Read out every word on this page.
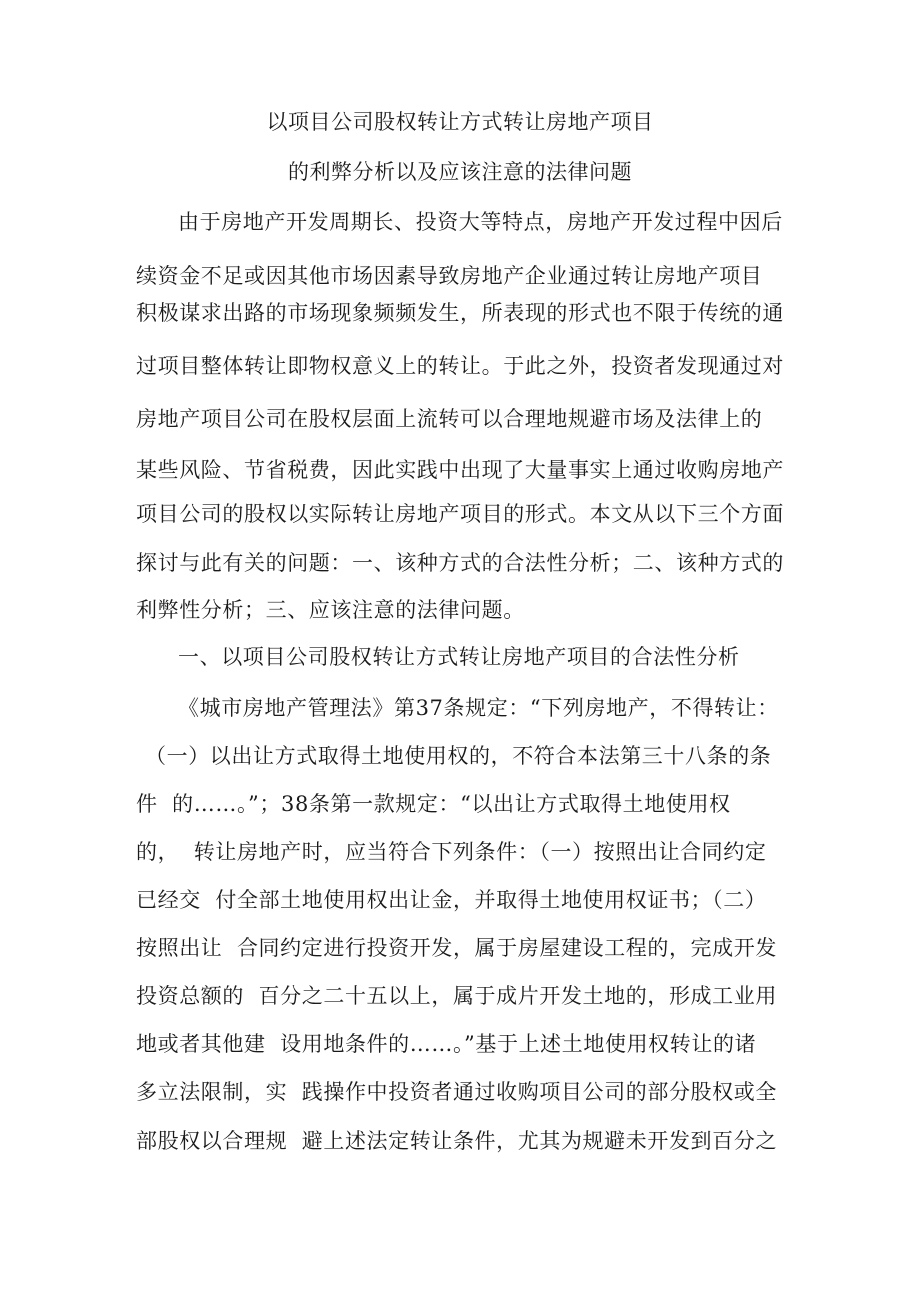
以项目公司股权转让方式转让房地产项目
的利弊分析以及应该注意的法律问题
由于房地产开发周期长、投资大等特点，房地产开发过程中因后
续资金不足或因其他市场因素导致房地产企业通过转让房地产项目
积极谋求出路的市场现象频频发生，所表现的形式也不限于传统的通
过项目整体转让即物权意义上的转让。于此之外，投资者发现通过对
房地产项目公司在股权层面上流转可以合理地规避市场及法律上的
某些风险、节省税费，因此实践中出现了大量事实上通过收购房地产
项目公司的股权以实际转让房地产项目的形式。本文从以下三个方面
探讨与此有关的问题：一、该种方式的合法性分析；二、该种方式的
利弊性分析；三、应该注意的法律问题。
一、以项目公司股权转让方式转让房地产项目的合法性分析
《城市房地产管理法》第37条规定：“下列房地产，不得转让：
（一）以出让方式取得土地使用权的，不符合本法第三十八条的条
件  的……。”；38条第一款规定：“以出让方式取得土地使用权
的，  转让房地产时，应当符合下列条件：（一）按照出让合同约定
已经交  付全部土地使用权出让金，并取得土地使用权证书；（二）
按照出让  合同约定进行投资开发，属于房屋建设工程的，完成开发
投资总额的  百分之二十五以上，属于成片开发土地的，形成工业用
地或者其他建  设用地条件的……。”基于上述土地使用权转让的诸
多立法限制，实  践操作中投资者通过收购项目公司的部分股权或全
部股权以合理规  避上述法定转让条件，尤其为规避未开发到百分之
